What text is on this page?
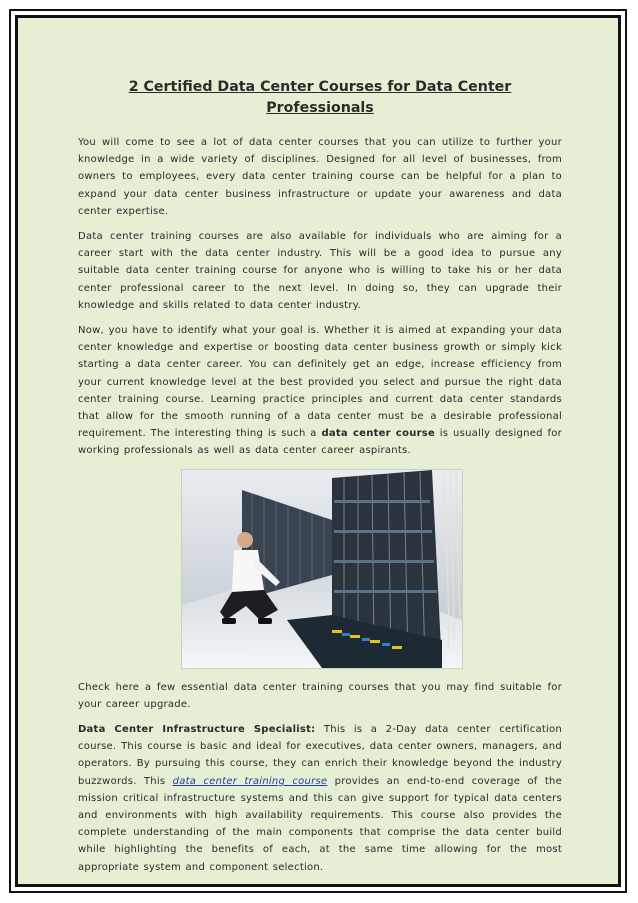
2 Certified Data Center Courses for Data Center Professionals

You will come to see a lot of data center courses that you can utilize to further your knowledge in a wide variety of disciplines. Designed for all level of businesses, from owners to employees, every data center training course can be helpful for a plan to expand your data center business infrastructure or update your awareness and data center expertise.

Data center training courses are also available for individuals who are aiming for a career start with the data center industry. This will be a good idea to pursue any suitable data center training course for anyone who is willing to take his or her data center professional career to the next level. In doing so, they can upgrade their knowledge and skills related to data center industry.

Now, you have to identify what your goal is. Whether it is aimed at expanding your data center knowledge and expertise or boosting data center business growth or simply kick starting a data center career. You can definitely get an edge, increase efficiency from your current knowledge level at the best provided you select and pursue the right data center training course. Learning practice principles and current data center standards that allow for the smooth running of a data center must be a desirable professional requirement. The interesting thing is such a data center course is usually designed for working professionals as well as data center career aspirants.

Check here a few essential data center training courses that you may find suitable for your career upgrade.

Data Center Infrastructure Specialist: This is a 2-Day data center certification course. This course is basic and ideal for executives, data center owners, managers, and operators. By pursuing this course, they can enrich their knowledge beyond the industry buzzwords. This data center training course provides an end-to-end coverage of the mission critical infrastructure systems and this can give support for typical data centers and environments with high availability requirements. This course also provides the complete understanding of the main components that comprise the data center build while highlighting the benefits of each, at the same time allowing for the most appropriate system and component selection.
